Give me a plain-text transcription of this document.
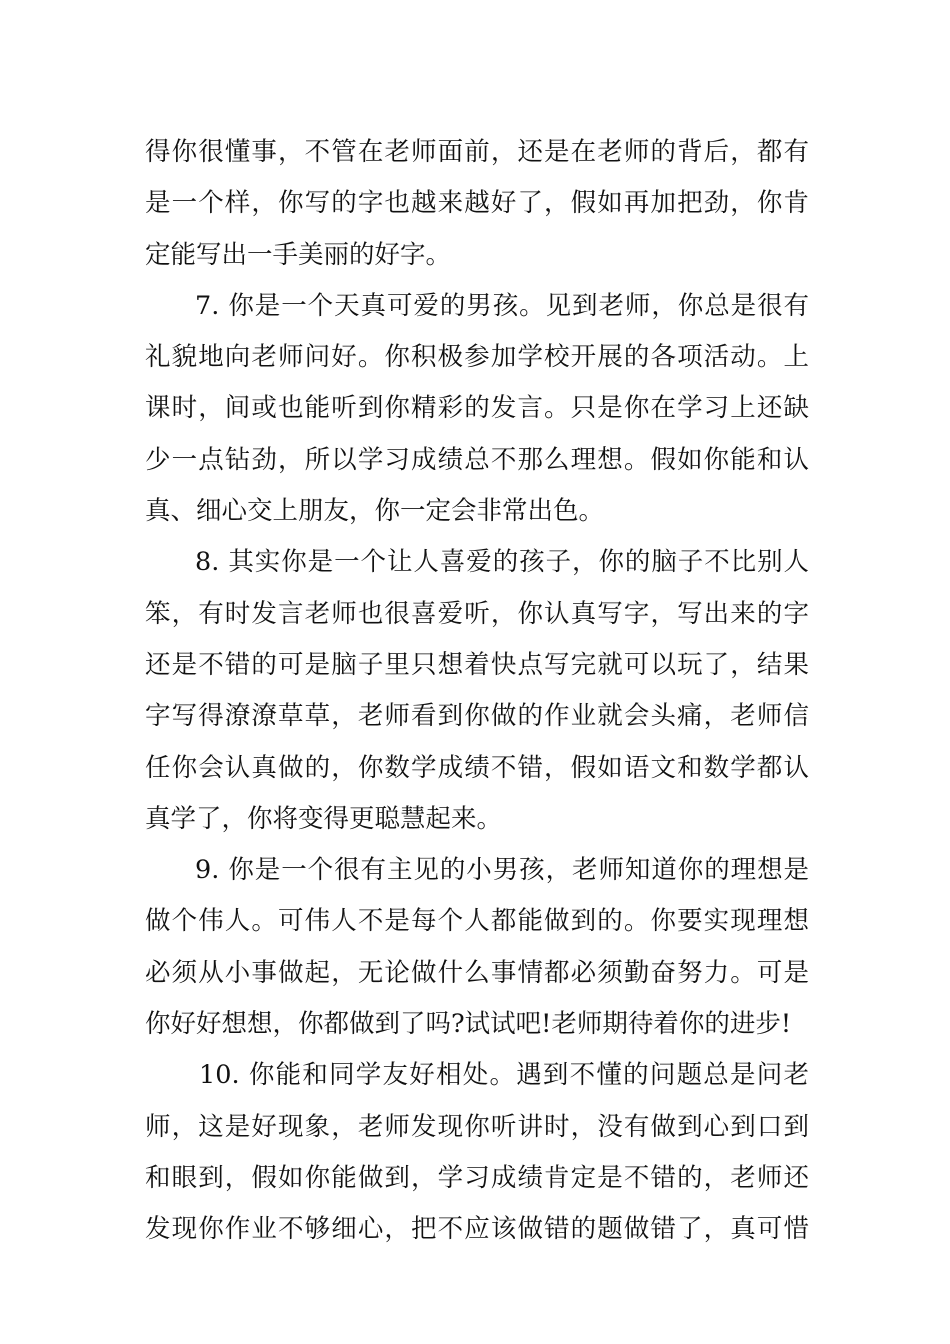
得你很懂事，不管在老师面前，还是在老师的背后，都有
是一个样，你写的字也越来越好了，假如再加把劲，你肯
定能写出一手美丽的好字。
7. 你是一个天真可爱的男孩。见到老师，你总是很有
礼貌地向老师问好。你积极参加学校开展的各项活动。上
课时，间或也能听到你精彩的发言。只是你在学习上还缺
少一点钻劲，所以学习成绩总不那么理想。假如你能和认
真、细心交上朋友，你一定会非常出色。
8. 其实你是一个让人喜爱的孩子，你的脑子不比别人
笨，有时发言老师也很喜爱听，你认真写字，写出来的字
还是不错的可是脑子里只想着快点写完就可以玩了，结果
字写得潦潦草草，老师看到你做的作业就会头痛，老师信
任你会认真做的，你数学成绩不错，假如语文和数学都认
真学了，你将变得更聪慧起来。
9. 你是一个很有主见的小男孩，老师知道你的理想是
做个伟人。可伟人不是每个人都能做到的。你要实现理想
必须从小事做起，无论做什么事情都必须勤奋努力。可是
你好好想想，你都做到了吗?试试吧!老师期待着你的进步!
10. 你能和同学友好相处。遇到不懂的问题总是问老
师，这是好现象，老师发现你听讲时，没有做到心到口到
和眼到，假如你能做到，学习成绩肯定是不错的，老师还
发现你作业不够细心，把不应该做错的题做错了，真可惜
